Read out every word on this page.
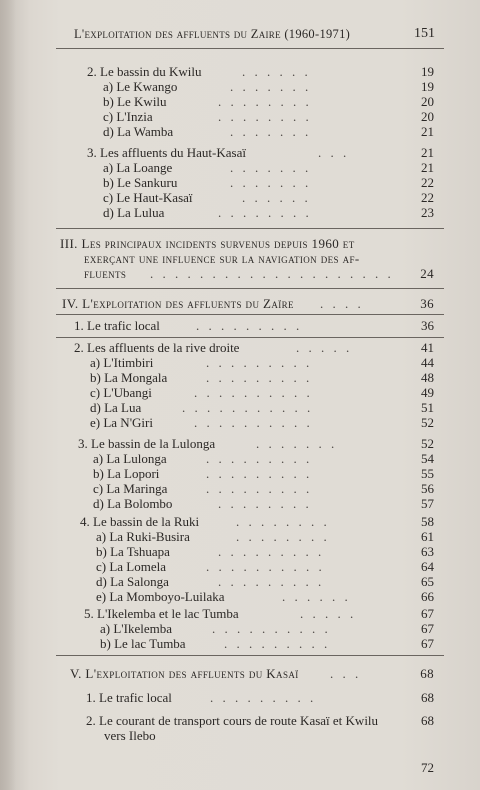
L'exploitation des affluents du Zaire (1960-1971)	151
2. Le bassin du Kwilu	. . . . . .	19
a) Le Kwango	. . . . . . .	19
b) Le Kwilu	. . . . . . . .	20
c) L'Inzia	. . . . . . . .	20
d) La Wamba	. . . . . . .	21
3. Les affluents du Haut-Kasaï	. . .	21
a) La Loange	. . . . . . .	21
b) Le Sankuru	. . . . . . .	22
c) Le Haut-Kasaï	. . . . . .	22
d) La Lulua	. . . . . . . .	23
III. Les principaux incidents survenus depuis 1960 et
exerçant une influence sur la navigation des af-
fluents . . . . . . . . . . . . . . . . . . . . 24
IV. L'exploitation des affluents du Zaïre . . . .	36
1. Le trafic local	. . . . . . . . .	36
2. Les affluents de la rive droite	. . . . .	41
a) L'Itimbiri	. . . . . . . . .	44
b) La Mongala	. . . . . . . . .	48
c) L'Ubangi	. . . . . . . . . .	49
d) La Lua	. . . . . . . . . . .	51
e) La N'Giri	. . . . . . . . . .	52
3. Le bassin de la Lulonga	. . . . . . .	52
a) La Lulonga	. . . . . . . . .	54
b) La Lopori	. . . . . . . . .	55
c) La Maringa	. . . . . . . . .	56
d) La Bolombo	. . . . . . . .	57
4. Le bassin de la Ruki	. . . . . . . .	58
a) La Ruki-Busira	. . . . . . . .	61
b) La Tshuapa	. . . . . . . . .	63
c) La Lomela	. . . . . . . . . .	64
d) La Salonga	. . . . . . . . .	65
e) La Momboyo-Luilaka	. . . . . .	66
5. L'Ikelemba et le lac Tumba	. . . . .	67
a) L'Ikelemba	. . . . . . . . . .	67
b) Le lac Tumba	. . . . . . . . .	67
V. L'exploitation des affluents du Kasaï . . .	68
1. Le trafic local	. . . . . . . . .	68
2. Le courant de transport cours de route Kasaï et Kwilu	68
vers Ilebo
72
